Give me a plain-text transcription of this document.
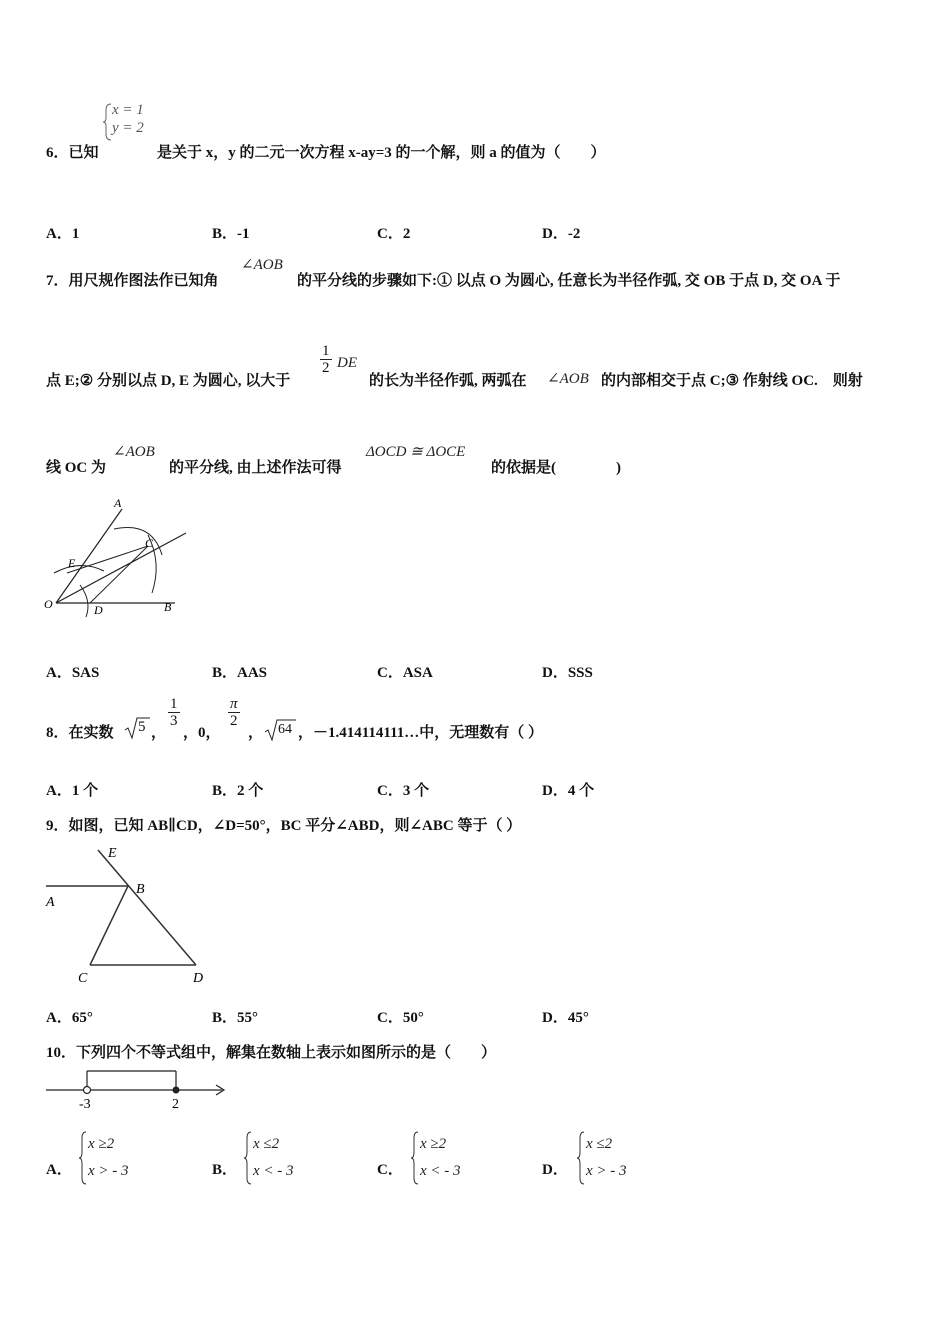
x = 1
y = 2
6．已知	是关于 x，y 的二元一次方程 x-ay=3 的一个解，则 a 的值为（　　）
A．1	B．-1	C．2	D．-2
7．用尺规作图法作已知角
∠AOB
的平分线的步骤如下:① 以点 O 为圆心, 任意长为半径作弧, 交 OB 于点 D, 交 OA 于
点 E;② 分别以点 D, E 为圆心, 以大于
$\frac{1}{2}$ DE
的长为半径作弧, 两弧在 ∠AOB 的内部相交于点 C;③ 作射线 OC.　则射
线 OC 为
∠AOB
的平分线, 由上述作法可得
ΔOCD ≅ ΔOCE
的依据是(　　　　)
A
E
C
O	D	B
A．SAS	B．AAS	C．ASA	D．SSS
8．在实数 5 ，
$\frac{1}{3}$
，0，
$\frac{\pi}{2}$
， 64 ，－1.414114111…中，无理数有（ ）
A．1 个	B．2 个	C．3 个	D．4 个
9．如图，已知 AB∥CD，∠D=50°，BC 平分∠ABD，则∠ABC 等于（ ）
E
A
B
C	D
A．65°	B．55°	C．50°	D．45°
10．下列四个不等式组中，解集在数轴上表示如图所示的是（　　）
-3	2
A．
x ≥2
x > - 3	B．
x ≤2
x < - 3	C．
x ≥2
x < - 3	D．
x ≤2
x > - 3
